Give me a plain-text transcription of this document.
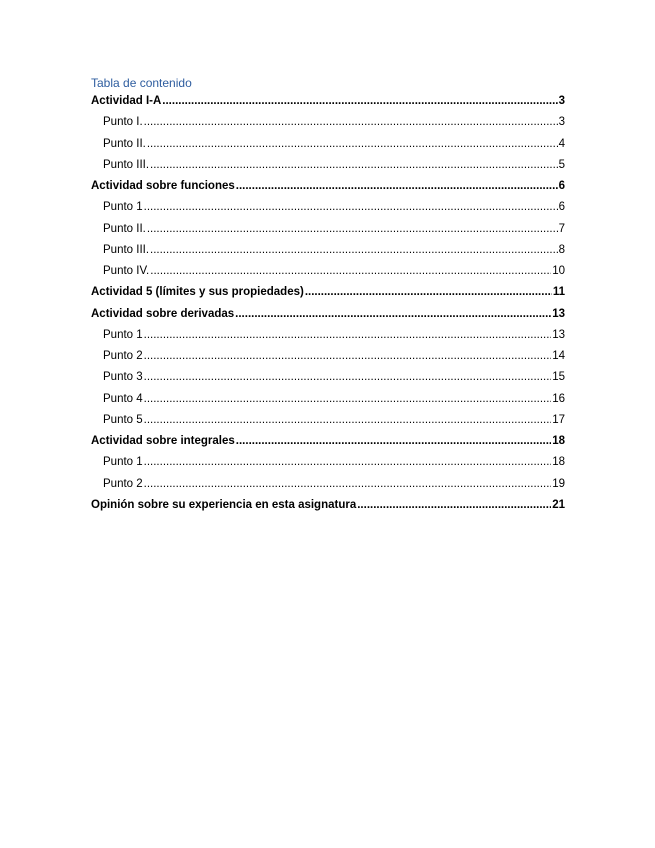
Tabla de contenido
Actividad I-A .....	3
Punto I. .....	3
Punto II. .....	4
Punto III. .....	5
Actividad sobre funciones .....	6
Punto 1 .....	6
Punto II. .....	7
Punto III. .....	8
Punto IV. .....	10
Actividad 5 (límites y sus propiedades) .....	11
Actividad sobre derivadas .....	13
Punto 1 .....	13
Punto 2 .....	14
Punto 3 .....	15
Punto 4 .....	16
Punto 5 .....	17
Actividad sobre integrales .....	18
Punto 1 .....	18
Punto 2 .....	19
Opinión sobre su experiencia en esta asignatura .....	21
